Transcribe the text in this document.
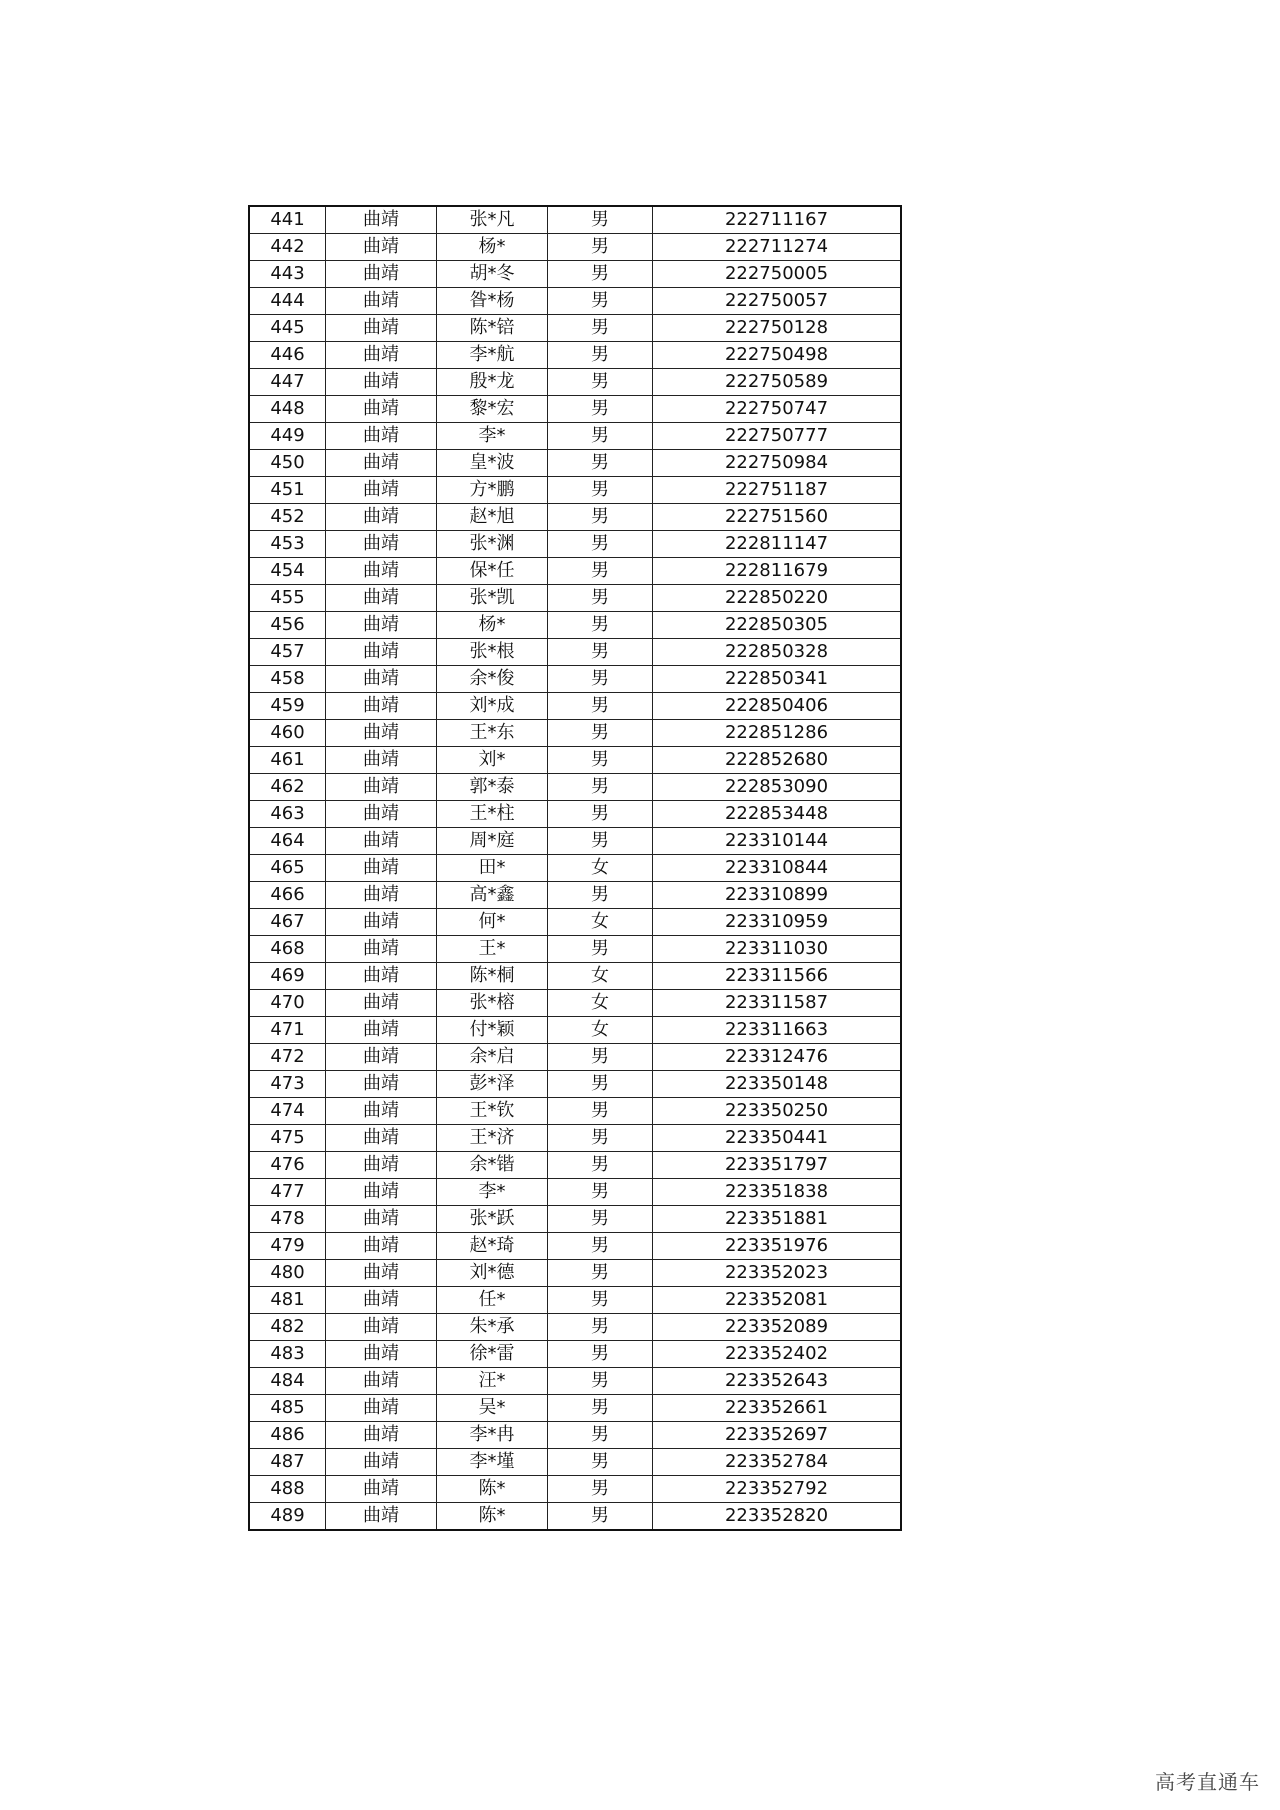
441	曲靖	张*凡	男	222711167
442	曲靖	杨*	男	222711274
443	曲靖	胡*冬	男	222750005
444	曲靖	昝*杨	男	222750057
445	曲靖	陈*锫	男	222750128
446	曲靖	李*航	男	222750498
447	曲靖	殷*龙	男	222750589
448	曲靖	黎*宏	男	222750747
449	曲靖	李*	男	222750777
450	曲靖	皇*波	男	222750984
451	曲靖	方*鹏	男	222751187
452	曲靖	赵*旭	男	222751560
453	曲靖	张*渊	男	222811147
454	曲靖	保*任	男	222811679
455	曲靖	张*凯	男	222850220
456	曲靖	杨*	男	222850305
457	曲靖	张*根	男	222850328
458	曲靖	余*俊	男	222850341
459	曲靖	刘*成	男	222850406
460	曲靖	王*东	男	222851286
461	曲靖	刘*	男	222852680
462	曲靖	郭*泰	男	222853090
463	曲靖	王*柱	男	222853448
464	曲靖	周*庭	男	223310144
465	曲靖	田*	女	223310844
466	曲靖	高*鑫	男	223310899
467	曲靖	何*	女	223310959
468	曲靖	王*	男	223311030
469	曲靖	陈*桐	女	223311566
470	曲靖	张*榕	女	223311587
471	曲靖	付*颖	女	223311663
472	曲靖	余*启	男	223312476
473	曲靖	彭*泽	男	223350148
474	曲靖	王*钦	男	223350250
475	曲靖	王*济	男	223350441
476	曲靖	余*锴	男	223351797
477	曲靖	李*	男	223351838
478	曲靖	张*跃	男	223351881
479	曲靖	赵*琦	男	223351976
480	曲靖	刘*德	男	223352023
481	曲靖	任*	男	223352081
482	曲靖	朱*承	男	223352089
483	曲靖	徐*雷	男	223352402
484	曲靖	汪*	男	223352643
485	曲靖	吴*	男	223352661
486	曲靖	李*冉	男	223352697
487	曲靖	李*墐	男	223352784
488	曲靖	陈*	男	223352792
489	曲靖	陈*	男	223352820
高考直通车
